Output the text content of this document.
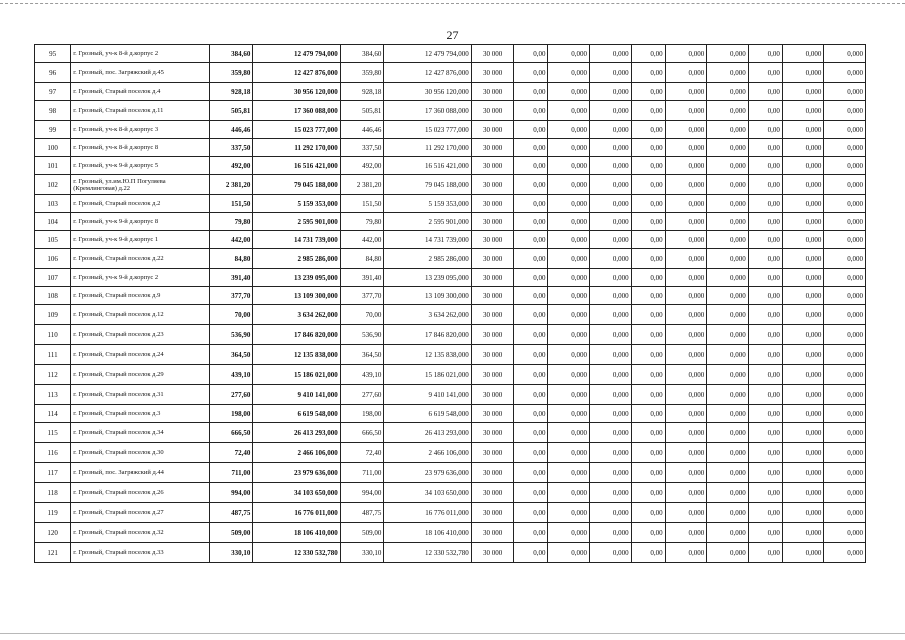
27
95	г. Грозный, уч-к 8-й д.корпус 2	384,60	12 479 794,000	384,60	12 479 794,000	30 000	0,00	0,000	0,000	0,00	0,000	0,000	0,00	0,000	0,000
96	г. Грозный, пос. Загряжский д.45	359,80	12 427 876,000	359,80	12 427 876,000	30 000	0,00	0,000	0,000	0,00	0,000	0,000	0,00	0,000	0,000
97	г. Грозный, Старый поселок д.4	928,18	30 956 120,000	928,18	30 956 120,000	30 000	0,00	0,000	0,000	0,00	0,000	0,000	0,00	0,000	0,000
98	г. Грозный, Старый поселок д.11	505,81	17 360 088,000	505,81	17 360 088,000	30 000	0,00	0,000	0,000	0,00	0,000	0,000	0,00	0,000	0,000
99	г. Грозный, уч-к 8-й д.корпус 3	446,46	15 023 777,000	446,46	15 023 777,000	30 000	0,00	0,000	0,000	0,00	0,000	0,000	0,00	0,000	0,000
100	г. Грозный, уч-к 8-й д.корпус 8	337,50	11 292 170,000	337,50	11 292 170,000	30 000	0,00	0,000	0,000	0,00	0,000	0,000	0,00	0,000	0,000
101	г. Грозный, уч-к 9-й д.корпус 5	492,00	16 516 421,000	492,00	16 516 421,000	30 000	0,00	0,000	0,000	0,00	0,000	0,000	0,00	0,000	0,000
102	г. Грозный, ул.им.Ю.П Погуляева (Кремлинговая) д.22	2 381,20	79 045 188,000	2 381,20	79 045 188,000	30 000	0,00	0,000	0,000	0,00	0,000	0,000	0,00	0,000	0,000
103	г. Грозный, Старый поселок д.2	151,50	5 159 353,000	151,50	5 159 353,000	30 000	0,00	0,000	0,000	0,00	0,000	0,000	0,00	0,000	0,000
104	г. Грозный, уч-к 9-й д.корпус 8	79,80	2 595 901,000	79,80	2 595 901,000	30 000	0,00	0,000	0,000	0,00	0,000	0,000	0,00	0,000	0,000
105	г. Грозный, уч-к 9-й д.корпус 1	442,00	14 731 739,000	442,00	14 731 739,000	30 000	0,00	0,000	0,000	0,00	0,000	0,000	0,00	0,000	0,000
106	г. Грозный, Старый поселок д.22	84,80	2 985 286,000	84,80	2 985 286,000	30 000	0,00	0,000	0,000	0,00	0,000	0,000	0,00	0,000	0,000
107	г. Грозный, уч-к 9-й д.корпус 2	391,40	13 239 095,000	391,40	13 239 095,000	30 000	0,00	0,000	0,000	0,00	0,000	0,000	0,00	0,000	0,000
108	г. Грозный, Старый поселок д.9	377,70	13 109 300,000	377,70	13 109 300,000	30 000	0,00	0,000	0,000	0,00	0,000	0,000	0,00	0,000	0,000
109	г. Грозный, Старый поселок д.12	70,00	3 634 262,000	70,00	3 634 262,000	30 000	0,00	0,000	0,000	0,00	0,000	0,000	0,00	0,000	0,000
110	г. Грозный, Старый поселок д.23	536,90	17 846 820,000	536,90	17 846 820,000	30 000	0,00	0,000	0,000	0,00	0,000	0,000	0,00	0,000	0,000
111	г. Грозный, Старый поселок д.24	364,50	12 135 838,000	364,50	12 135 838,000	30 000	0,00	0,000	0,000	0,00	0,000	0,000	0,00	0,000	0,000
112	г. Грозный, Старый поселок д.29	439,10	15 186 021,000	439,10	15 186 021,000	30 000	0,00	0,000	0,000	0,00	0,000	0,000	0,00	0,000	0,000
113	г. Грозный, Старый поселок д.31	277,60	9 410 141,000	277,60	9 410 141,000	30 000	0,00	0,000	0,000	0,00	0,000	0,000	0,00	0,000	0,000
114	г. Грозный, Старый поселок д.3	198,00	6 619 548,000	198,00	6 619 548,000	30 000	0,00	0,000	0,000	0,00	0,000	0,000	0,00	0,000	0,000
115	г. Грозный, Старый поселок д.34	666,50	26 413 293,000	666,50	26 413 293,000	30 000	0,00	0,000	0,000	0,00	0,000	0,000	0,00	0,000	0,000
116	г. Грозный, Старый поселок д.30	72,40	2 466 106,000	72,40	2 466 106,000	30 000	0,00	0,000	0,000	0,00	0,000	0,000	0,00	0,000	0,000
117	г. Грозный, пос. Загряжский д.44	711,00	23 979 636,000	711,00	23 979 636,000	30 000	0,00	0,000	0,000	0,00	0,000	0,000	0,00	0,000	0,000
118	г. Грозный, Старый поселок д.26	994,00	34 103 650,000	994,00	34 103 650,000	30 000	0,00	0,000	0,000	0,00	0,000	0,000	0,00	0,000	0,000
119	г. Грозный, Старый поселок д.27	487,75	16 776 011,000	487,75	16 776 011,000	30 000	0,00	0,000	0,000	0,00	0,000	0,000	0,00	0,000	0,000
120	г. Грозный, Старый поселок д.32	509,00	18 106 410,000	509,00	18 106 410,000	30 000	0,00	0,000	0,000	0,00	0,000	0,000	0,00	0,000	0,000
121	г. Грозный, Старый поселок д.33	330,10	12 330 532,780	330,10	12 330 532,780	30 000	0,00	0,000	0,000	0,00	0,000	0,000	0,00	0,000	0,000
